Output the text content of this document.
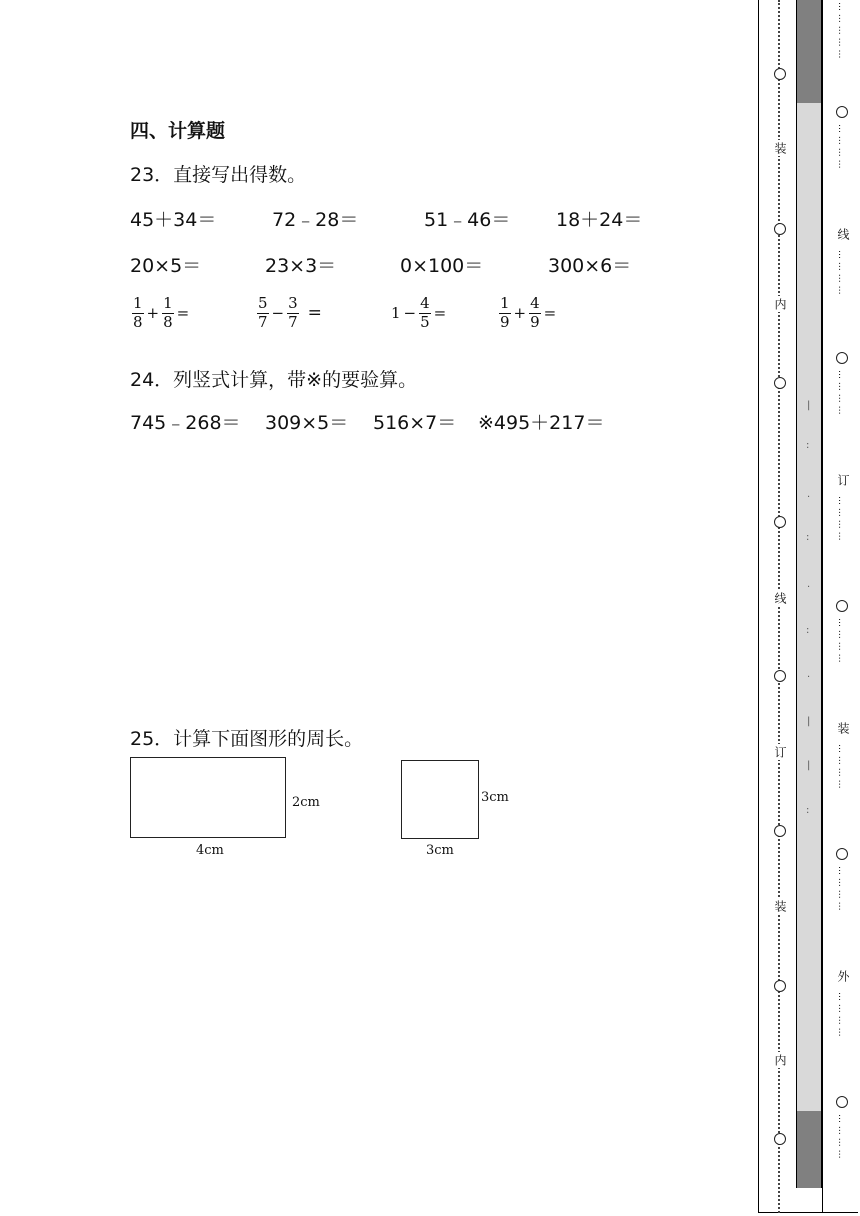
四、计算题
23．直接写出得数。
45＋34＝	72﹣28＝	51﹣46＝ 18＋24＝
20×5＝	23×3＝	0×100＝	300×6＝
$\frac{1}{8} + \frac{1}{8}$ =	$\frac{5}{7} - \frac{3}{7}$ =	$1 - \frac{4}{5}$ =	$\frac{1}{9} + \frac{4}{9}$ =
24．列竖式计算，带※的要验算。
745﹣268＝ 309×5＝ 516×7＝ ※495＋217＝
25．计算下面图形的周长。
2cm
4cm
3cm
3cm
装
内
线
订
装
内
|
:
·
:
·
:
·
|
|
:
… … … … …
… … … …
线
… … … …
… … … …
订
… … … …
… … … …
装
… … … …
… … … …
外
… … … …
… … … …
